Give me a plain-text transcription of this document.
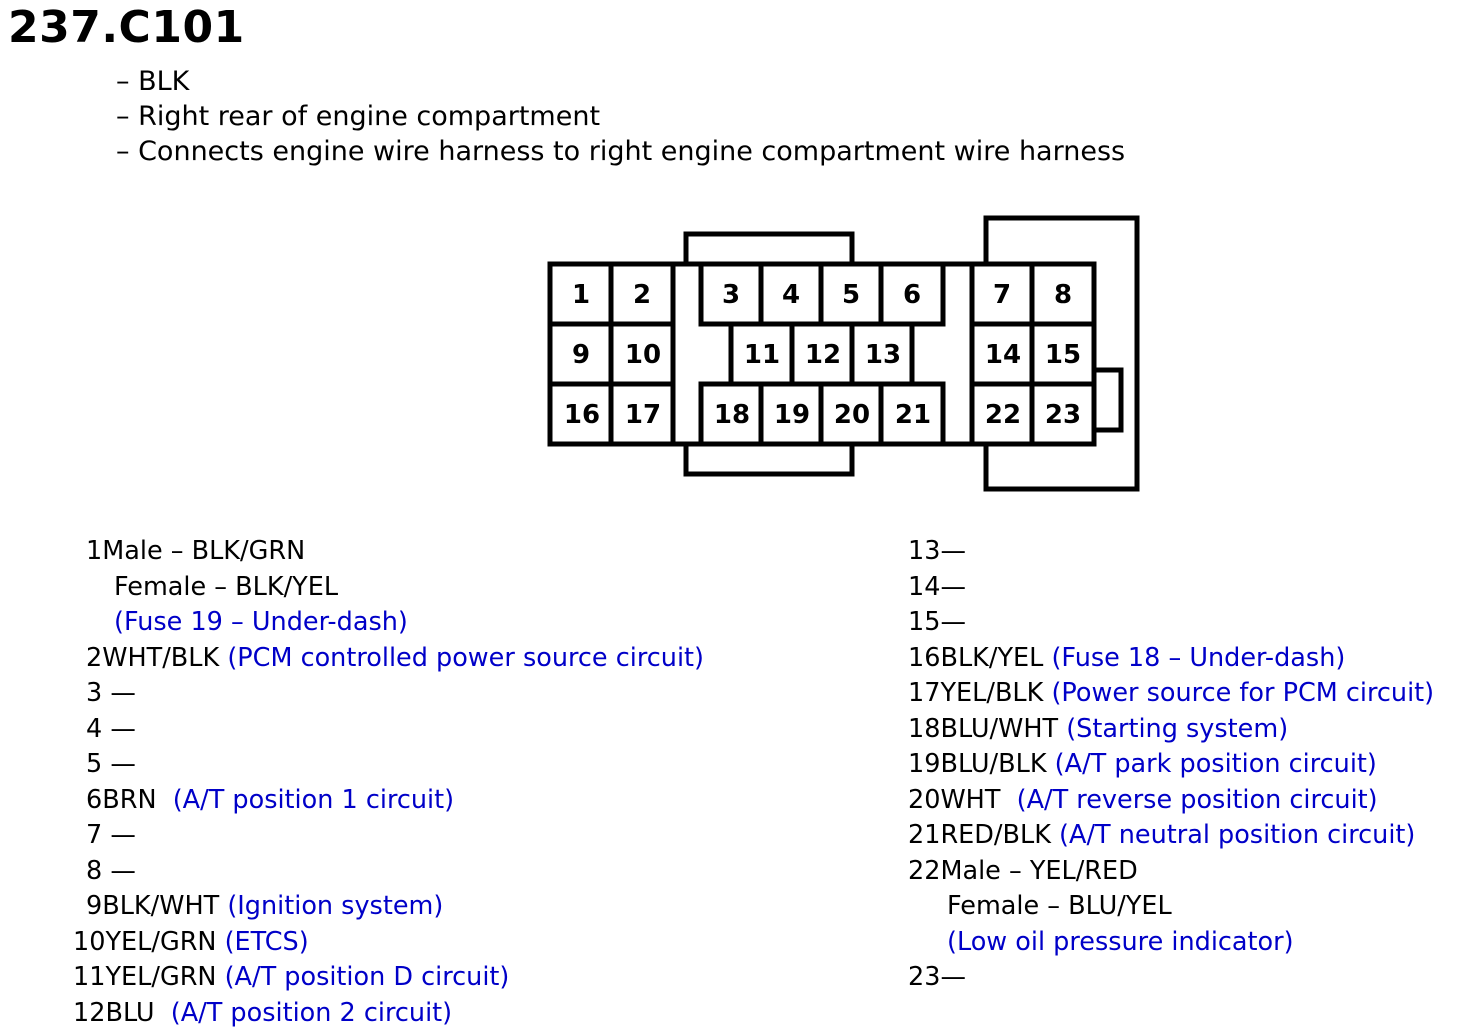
237.C101
– BLK
– Right rear of engine compartment
– Connects engine wire harness to right engine compartment wire harness
1 2	3 4 5 6	7 8
9 10	11 12 13	14 15
16 17 18 19 20 21 22 23
1Male – BLK/GRN
Female – BLK/YEL
(Fuse 19 – Under-dash)
2WHT/BLK (PCM controlled power source circuit)
3 —
4 —
5 —
6BRN  (A/T position 1 circuit)
7 —
8 —
9BLK/WHT (Ignition system)
10YEL/GRN (ETCS)
11YEL/GRN (A/T position D circuit)
12BLU  (A/T position 2 circuit)
13—
14—
15—
16BLK/YEL (Fuse 18 – Under-dash)
17YEL/BLK (Power source for PCM circuit)
18BLU/WHT (Starting system)
19BLU/BLK (A/T park position circuit)
20WHT  (A/T reverse position circuit)
21RED/BLK (A/T neutral position circuit)
22Male – YEL/RED
Female – BLU/YEL
(Low oil pressure indicator)
23—
